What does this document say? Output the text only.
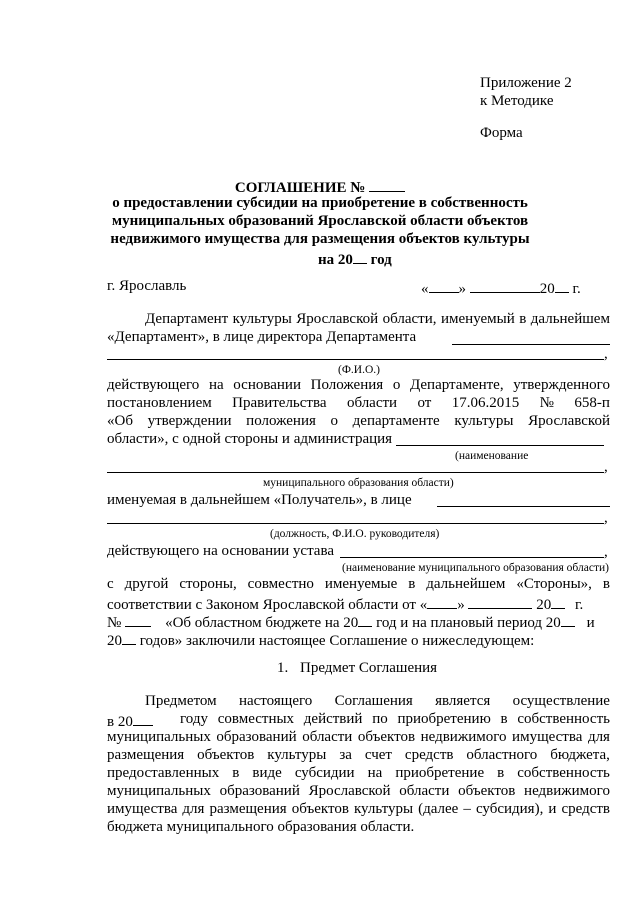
Приложение 2
к Методике
Форма
СОГЛАШЕНИЕ №
о предоставлении субсидии на приобретение в собственность
муниципальных образований Ярославской области объектов
недвижимого имущества для размещения объектов культуры
на 20 год
г. Ярославль	« »	20 г.
Департамент культуры Ярославской области, именуемый в дальнейшем
«Департамент», в лице директора Департамента
,
(Ф.И.О.)
действующего на основании Положения о Департаменте, утвержденного
постановлением Правительства области от 17.06.2015 № 658-п
«Об утверждении положения о департаменте культуры Ярославской
области», с одной стороны и администрация
(наименование
,
муниципального образования области)
именуемая в дальнейшем «Получатель», в лице
,
(должность, Ф.И.О. руководителя)
действующего на основании устава	,
(наименование муниципального образования области)
с другой стороны, совместно именуемые в дальнейшем «Стороны», в
соответствии с Законом Ярославской области от « »	20 г.
№	«Об областном бюджете на 20 год и на плановый период 20 и
20 годов» заключили настоящее Соглашение о нижеследующем:
1. Предмет Соглашения
Предметом настоящего Соглашения является осуществление
в 20	году совместных действий по приобретению в собственность
муниципальных образований области объектов недвижимого имущества для
размещения объектов культуры за счет средств областного бюджета,
предоставленных в виде субсидии на приобретение в собственность
муниципальных образований Ярославской области объектов недвижимого
имущества для размещения объектов культуры (далее – субсидия), и средств
бюджета муниципального образования области.
